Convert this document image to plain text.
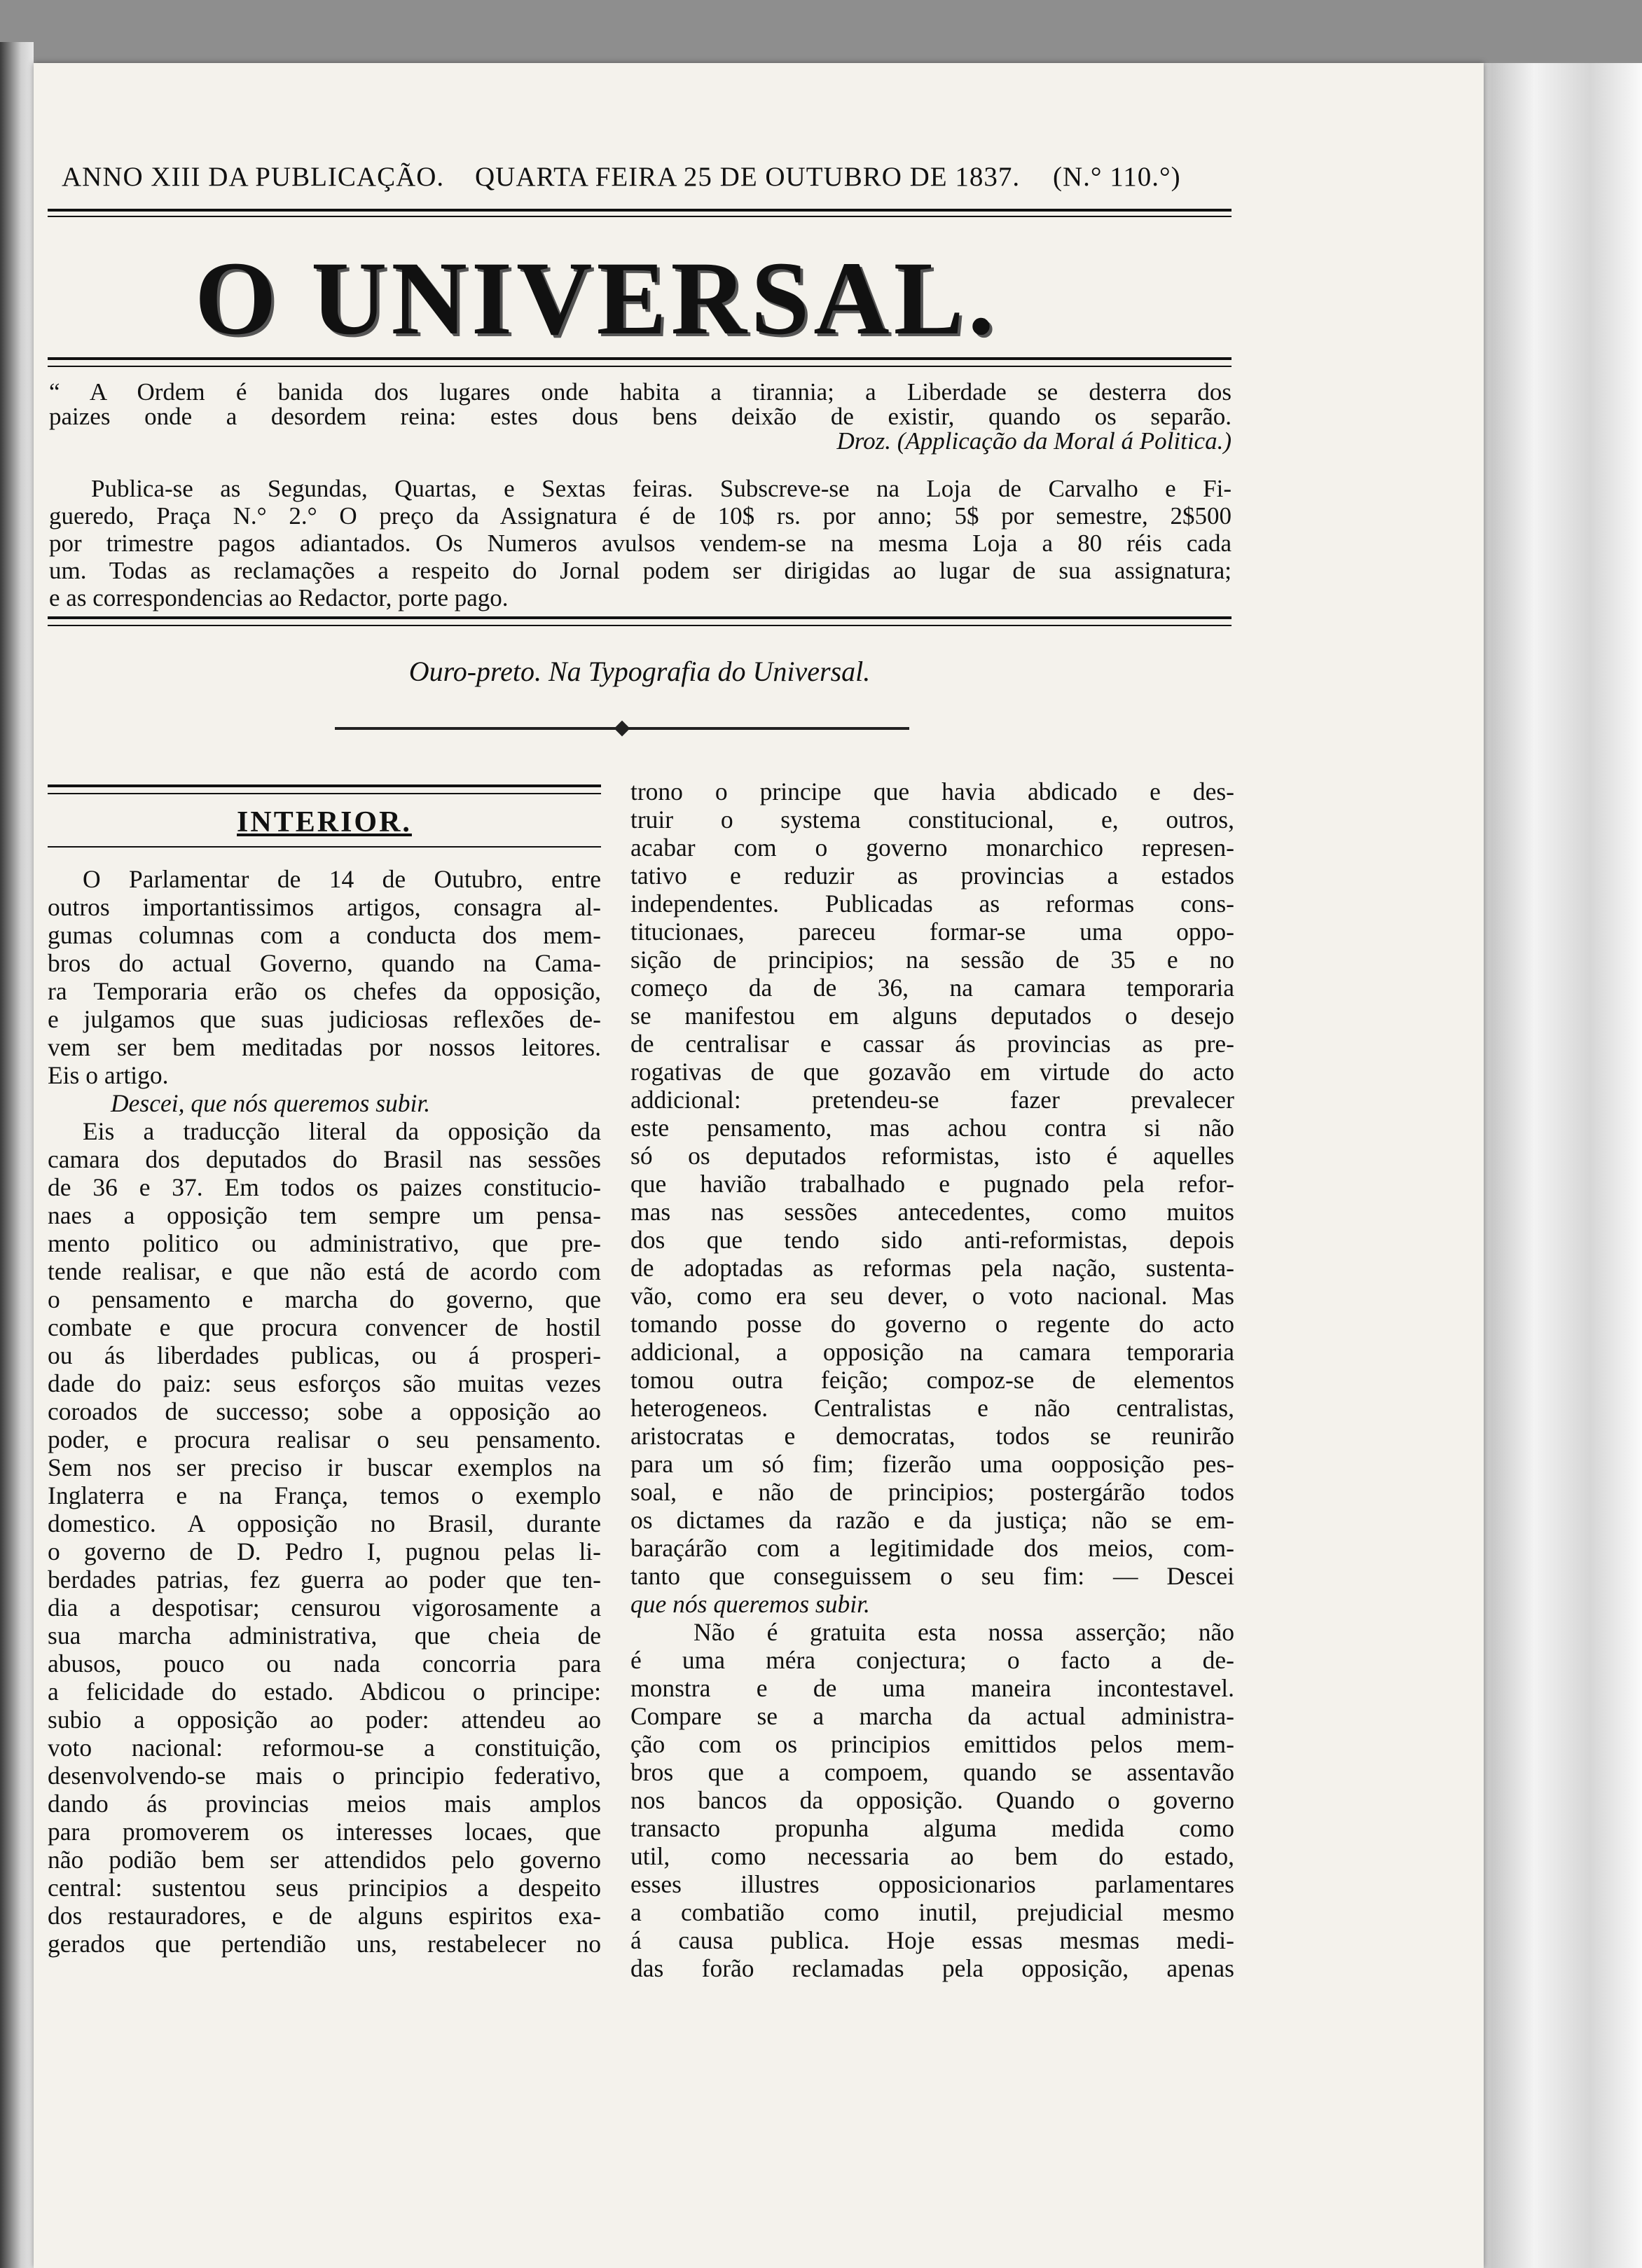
ANNO XIII DA PUBLICAÇÃO. QUARTA FEIRA 25 DE OUTUBRO DE 1837. (N.° 110.°)
O UNIVERSAL.
“ A Ordem é banida dos lugares onde habita a tirannia; a Liberdade se desterra dos
paizes onde a desordem reina: estes dous bens deixão de existir, quando os separão.
Droz. (Applicação da Moral á Politica.)
Publica-se as Segundas, Quartas, e Sextas feiras. Subscreve-se na Loja de Carvalho e Fi-
gueredo, Praça N.° 2.° O preço da Assignatura é de 10$ rs. por anno; 5$ por semestre, 2$500
por trimestre pagos adiantados. Os Numeros avulsos vendem-se na mesma Loja a 80 réis cada
um. Todas as reclamações a respeito do Jornal podem ser dirigidas ao lugar de sua assignatura;
e as correspondencias ao Redactor, porte pago.
Ouro-preto. Na Typografia do Universal.
INTERIOR.
O Parlamentar de 14 de Outubro, entre
outros importantissimos artigos, consagra al-
gumas columnas com a conducta dos mem-
bros do actual Governo, quando na Cama-
ra Temporaria erão os chefes da opposição,
e julgamos que suas judiciosas reflexões de-
vem ser bem meditadas por nossos leitores.
Eis o artigo.
Descei, que nós queremos subir.
Eis a traducção literal da opposição da
camara dos deputados do Brasil nas sessões
de 36 e 37. Em todos os paizes constitucio-
naes a opposição tem sempre um pensa-
mento politico ou administrativo, que pre-
tende realisar, e que não está de acordo com
o pensamento e marcha do governo, que
combate e que procura convencer de hostil
ou ás liberdades publicas, ou á prosperi-
dade do paiz: seus esforços são muitas vezes
coroados de successo; sobe a opposição ao
poder, e procura realisar o seu pensamento.
Sem nos ser preciso ir buscar exemplos na
Inglaterra e na França, temos o exemplo
domestico. A opposição no Brasil, durante
o governo de D. Pedro I, pugnou pelas li-
berdades patrias, fez guerra ao poder que ten-
dia a despotisar; censurou vigorosamente a
sua marcha administrativa, que cheia de
abusos, pouco ou nada concorria para
a felicidade do estado. Abdicou o principe:
subio a opposição ao poder: attendeu ao
voto nacional: reformou-se a constituição,
desenvolvendo-se mais o principio federativo,
dando ás provincias meios mais amplos
para promoverem os interesses locaes, que
não podião bem ser attendidos pelo governo
central: sustentou seus principios a despeito
dos restauradores, e de alguns espiritos exa-
gerados que pertendião uns, restabelecer no
trono o principe que havia abdicado e des-
truir o systema constitucional, e, outros,
acabar com o governo monarchico represen-
tativo e reduzir as provincias a estados
independentes. Publicadas as reformas cons-
titucionaes, pareceu formar-se uma oppo-
sição de principios; na sessão de 35 e no
começo da de 36, na camara temporaria
se manifestou em alguns deputados o desejo
de centralisar e cassar ás provincias as pre-
rogativas de que gozavão em virtude do acto
addicional: pretendeu-se fazer prevalecer
este pensamento, mas achou contra si não
só os deputados reformistas, isto é aquelles
que havião trabalhado e pugnado pela refor-
mas nas sessões antecedentes, como muitos
dos que tendo sido anti-reformistas, depois
de adoptadas as reformas pela nação, sustenta-
vão, como era seu dever, o voto nacional. Mas
tomando posse do governo o regente do acto
addicional, a opposição na camara temporaria
tomou outra feição; compoz-se de elementos
heterogeneos. Centralistas e não centralistas,
aristocratas e democratas, todos se reunirão
para um só fim; fizerão uma oopposição pes-
soal, e não de principios; postergárão todos
os dictames da razão e da justiça; não se em-
baraçárão com a legitimidade dos meios, com-
tanto que conseguissem o seu fim: — Descei
que nós queremos subir.
Não é gratuita esta nossa asserção; não
é uma méra conjectura; o facto a de-
monstra e de uma maneira incontestavel.
Compare se a marcha da actual administra-
ção com os principios emittidos pelos mem-
bros que a compoem, quando se assentavão
nos bancos da opposição. Quando o governo
transacto propunha alguma medida como
util, como necessaria ao bem do estado,
esses illustres opposicionarios parlamentares
a combatião como inutil, prejudicial mesmo
á causa publica. Hoje essas mesmas medi-
das forão reclamadas pela opposição, apenas
